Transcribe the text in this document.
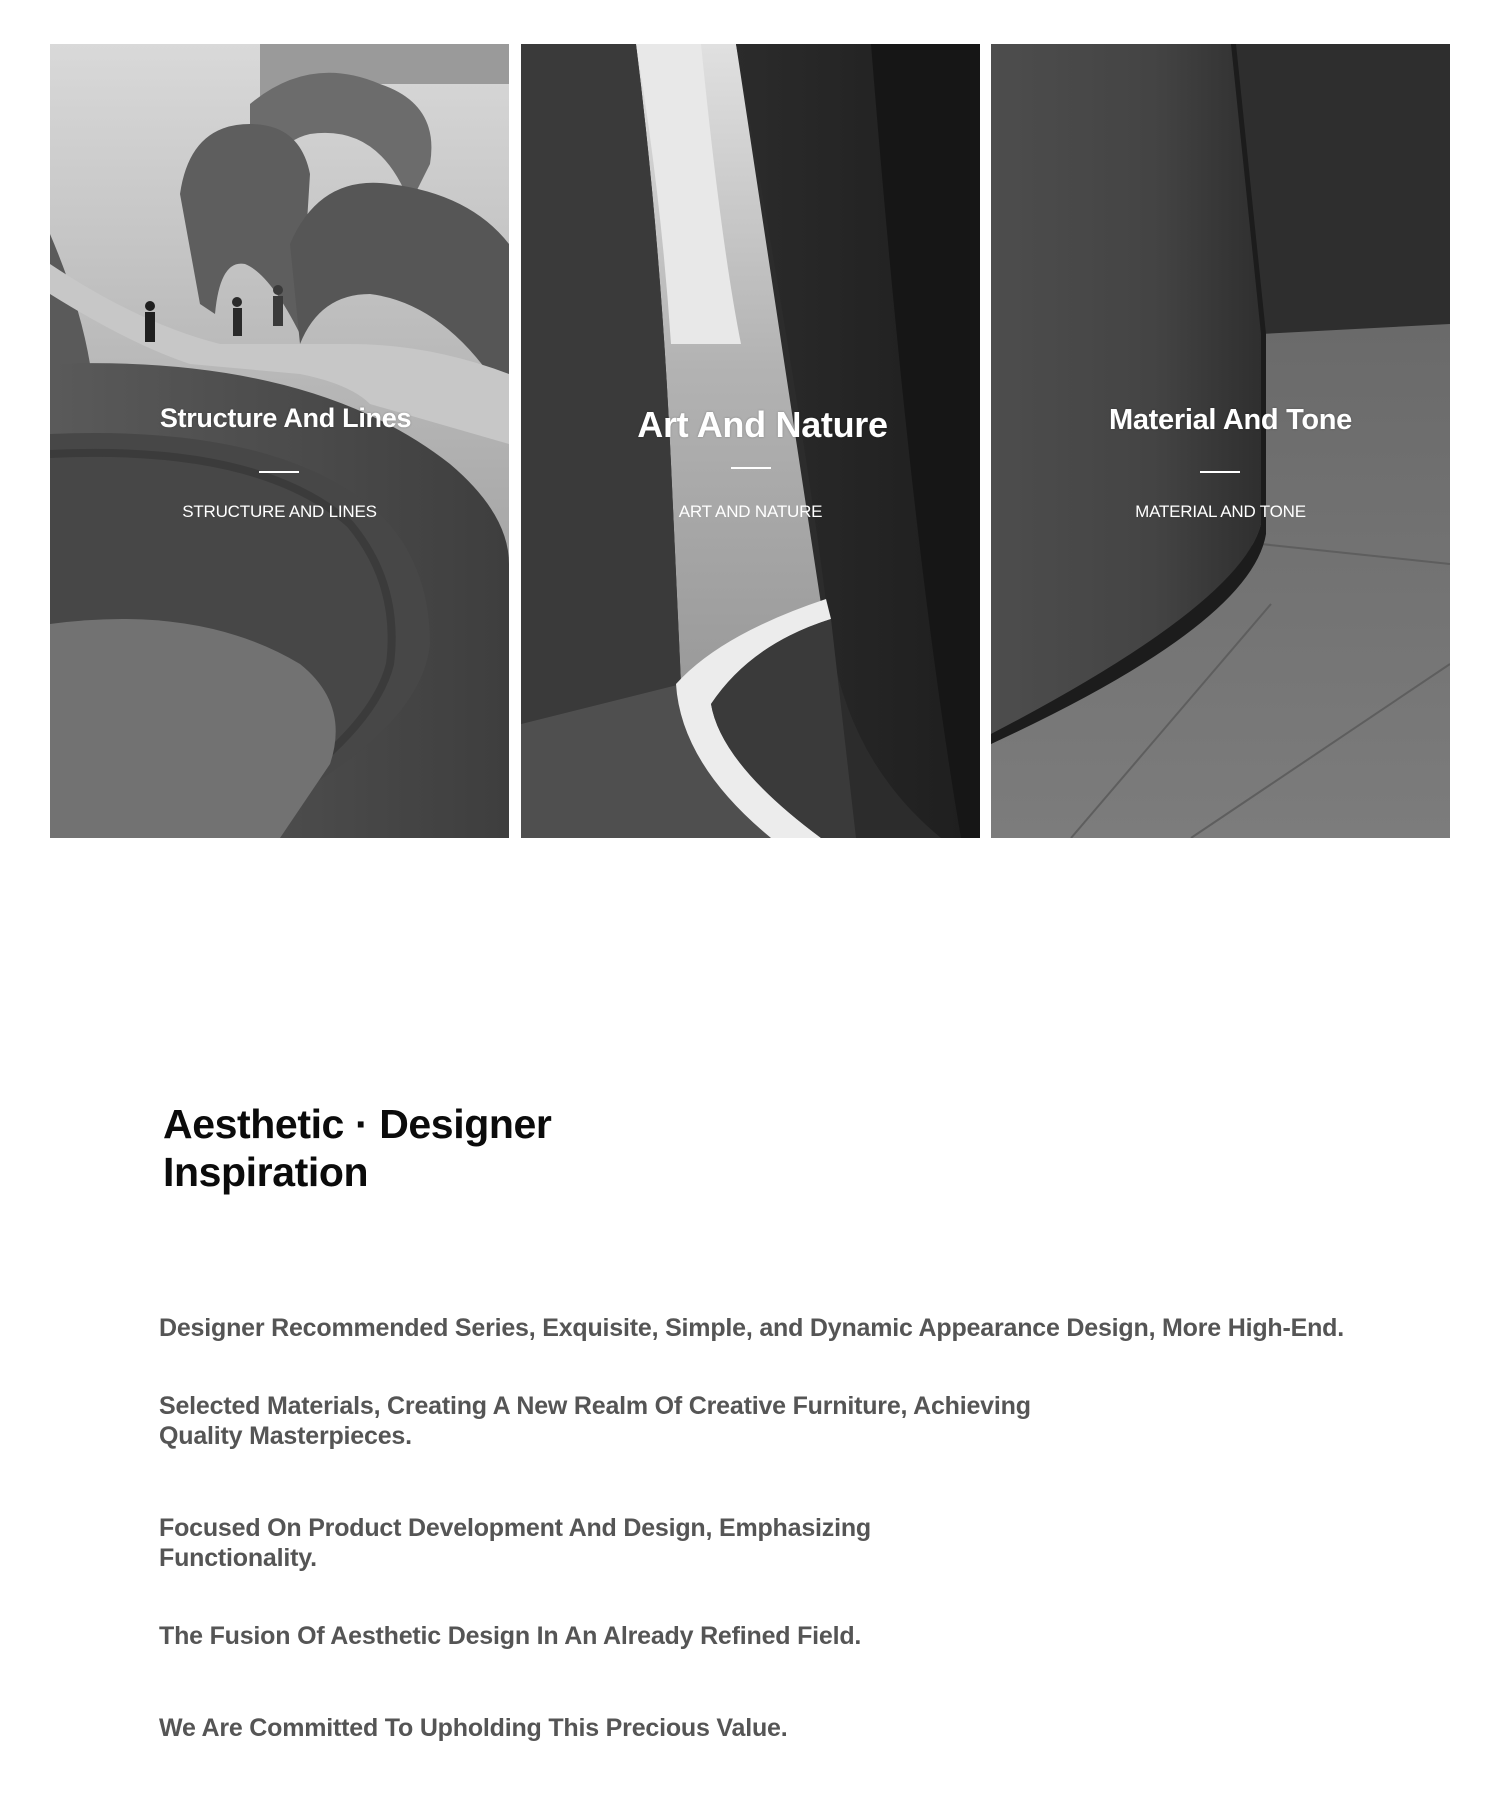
Structure And Lines
STRUCTURE AND LINES
Art And Nature
ART AND NATURE
Material And Tone
MATERIAL AND TONE
Aesthetic · Designer
Inspiration

Designer Recommended Series, Exquisite, Simple, and Dynamic Appearance Design, More High-End.

Selected Materials, Creating A New Realm Of Creative Furniture, Achieving Quality Masterpieces.

Focused On Product Development And Design, Emphasizing Functionality.

The Fusion Of Aesthetic Design In An Already Refined Field.

We Are Committed To Upholding This Precious Value.
